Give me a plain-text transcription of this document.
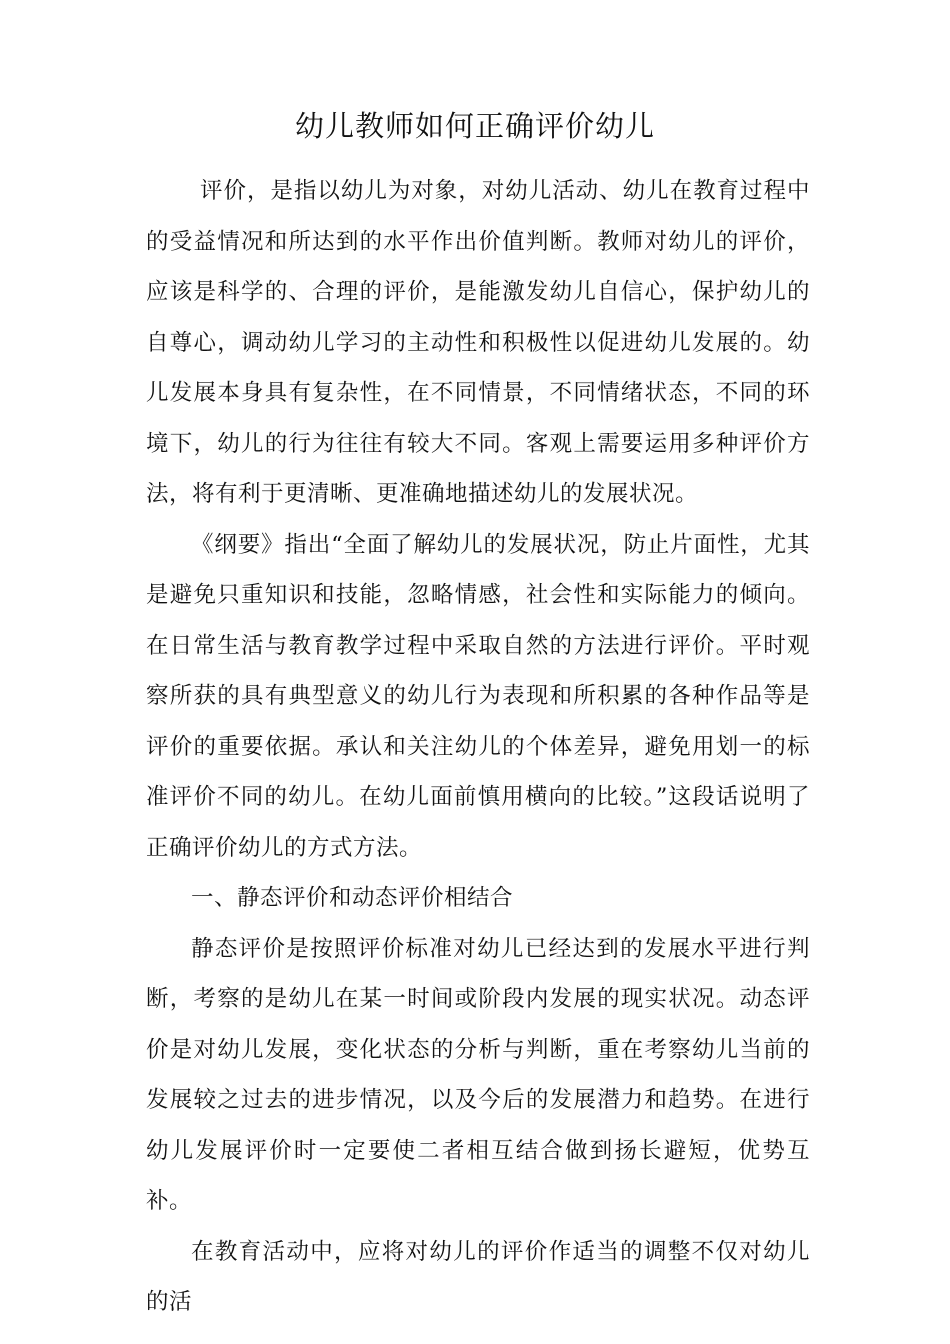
幼儿教师如何正确评价幼儿

评价，是指以幼儿为对象，对幼儿活动、幼儿在教育过程中的受益情况和所达到的水平作出价值判断。教师对幼儿的评价，应该是科学的、合理的评价，是能激发幼儿自信心，保护幼儿的自尊心，调动幼儿学习的主动性和积极性以促进幼儿发展的。幼儿发展本身具有复杂性，在不同情景，不同情绪状态，不同的环境下，幼儿的行为往往有较大不同。客观上需要运用多种评价方法，将有利于更清晰、更准确地描述幼儿的发展状况。

《纲要》指出“全面了解幼儿的发展状况，防止片面性，尤其是避免只重知识和技能，忽略情感，社会性和实际能力的倾向。在日常生活与教育教学过程中采取自然的方法进行评价。平时观察所获的具有典型意义的幼儿行为表现和所积累的各种作品等是评价的重要依据。承认和关注幼儿的个体差异，避免用划一的标准评价不同的幼儿。在幼儿面前慎用横向的比较。”这段话说明了正确评价幼儿的方式方法。

一、静态评价和动态评价相结合

静态评价是按照评价标准对幼儿已经达到的发展水平进行判断，考察的是幼儿在某一时间或阶段内发展的现实状况。动态评价是对幼儿发展，变化状态的分析与判断，重在考察幼儿当前的发展较之过去的进步情况，以及今后的发展潜力和趋势。在进行幼儿发展评价时一定要使二者相互结合做到扬长避短，优势互补。

在教育活动中，应将对幼儿的评价作适当的调整不仅对幼儿的活
